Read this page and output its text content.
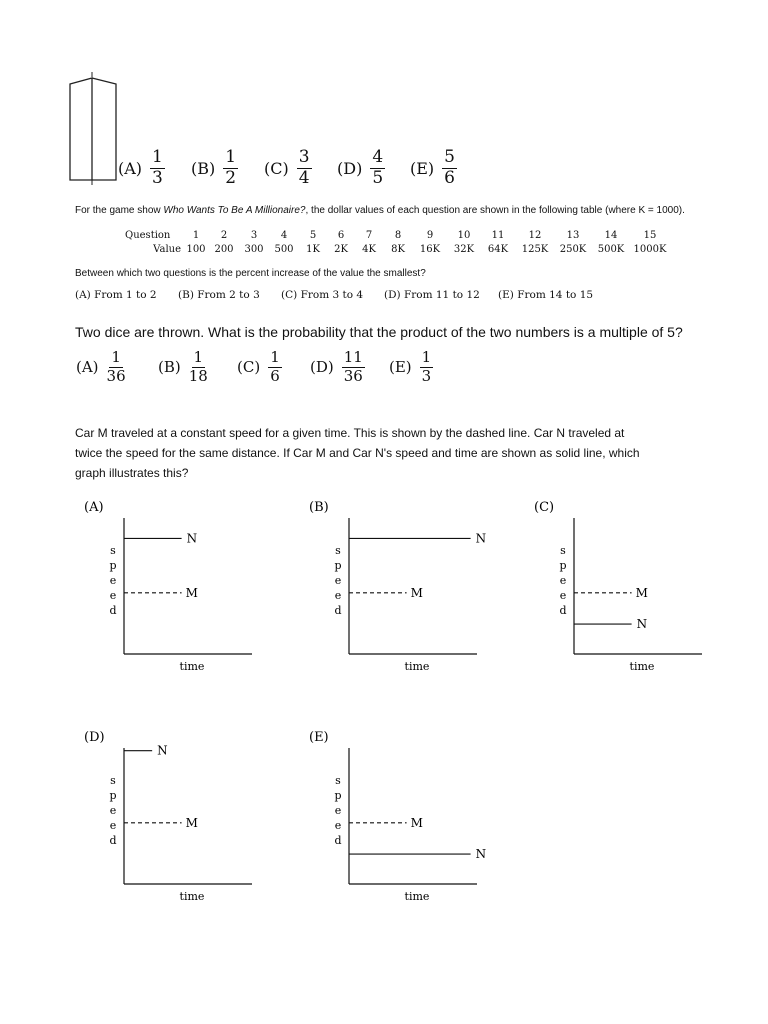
$(A) \frac{1}{3} (B) \frac{1}{2} (C) \frac{3}{4} (D) \frac{4}{5} (E) \frac{5}{6}$
For the game show Who Wants To Be A Millionaire?, the dollar values of each question are shown in the following table (where K = 1000).
Question	1	2	3	4	5	6	7	8	9	10	11	12	13	14	15
Value 100 200	300	500	1K	2K	4K	8K	16K	32K	64K	125K	250K	500K 1000K
Between which two questions is the percent increase of the value the smallest?
(A) From 1 to 2 (B) From 2 to 3 (C) From 3 to 4 (D) From 11 to 12 (E) From 14 to 15
Two dice are thrown. What is the probability that the product of the two numbers is a multiple of 5?
$(A) \frac{1}{36} (B) \frac{1}{18} (C) \frac{1}{6} (D) \frac{11}{36} (E) \frac{1}{3}$
Car M traveled at a constant speed for a given time. This is shown by the dashed line. Car N traveled at
twice the speed for the same distance. If Car M and Car N's speed and time are shown as solid line, which
graph illustrates this?
(A)
s
p
e
e
d
time
M
N
(B)
s
p
e
e
d
time
M
N
(C)
s
p
e
e
d
time
M
N
(D)
s
p
e
e
d
time
M
N
(E)
s
p
e
e
d
time
M
N
